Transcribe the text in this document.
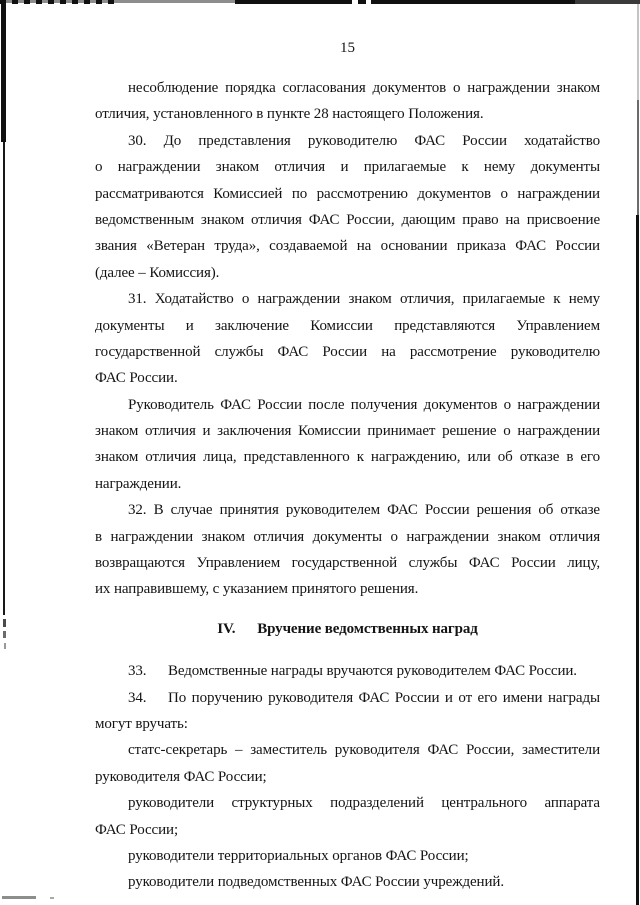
15
несоблюдение порядка согласования документов о награждении знаком
отличия, установленного в пункте 28 настоящего Положения.
30. До представления руководителю ФАС России ходатайство
о награждении знаком отличия и прилагаемые к нему документы
рассматриваются Комиссией по рассмотрению документов о награждении
ведомственным знаком отличия ФАС России, дающим право на присвоение
звания «Ветеран труда», создаваемой на основании приказа ФАС России
(далее – Комиссия).
31. Ходатайство о награждении знаком отличия, прилагаемые к нему
документы и заключение Комиссии представляются Управлением
государственной службы ФАС России на рассмотрение руководителю
ФАС России.
Руководитель ФАС России после получения документов о награждении
знаком отличия и заключения Комиссии принимает решение о награждении
знаком отличия лица, представленного к награждению, или об отказе в его
награждении.
32. В случае принятия руководителем ФАС России решения об отказе
в награждении знаком отличия документы о награждении знаком отличия
возвращаются Управлением государственной службы ФАС России лицу,
их направившему, с указанием принятого решения.
IV. Вручение ведомственных наград
33. Ведомственные награды вручаются руководителем ФАС России.
34. По поручению руководителя ФАС России и от его имени награды
могут вручать:
статс-секретарь – заместитель руководителя ФАС России, заместители
руководителя ФАС России;
руководители структурных подразделений центрального аппарата
ФАС России;
руководители территориальных органов ФАС России;
руководители подведомственных ФАС России учреждений.
